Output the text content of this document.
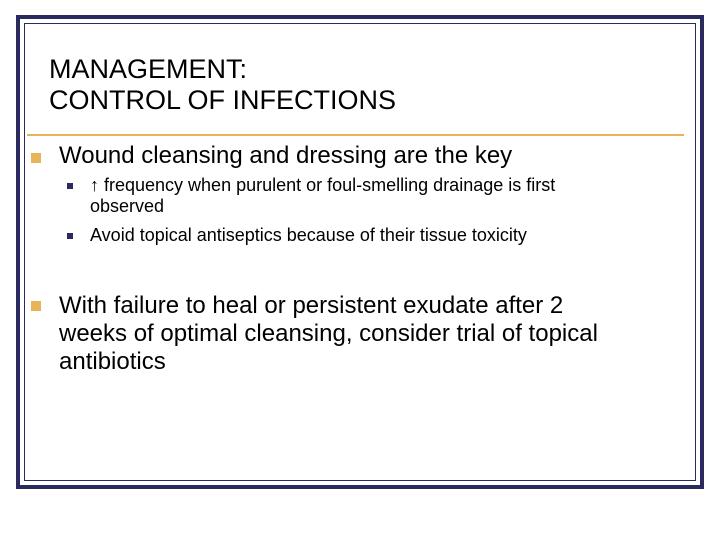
MANAGEMENT:
CONTROL OF INFECTIONS

Wound cleansing and dressing are the key

↑ frequency when purulent or foul-smelling drainage is first

observed

Avoid topical antiseptics because of their tissue toxicity

With failure to heal or persistent exudate after 2

weeks of optimal cleansing, consider trial of topical

antibiotics
